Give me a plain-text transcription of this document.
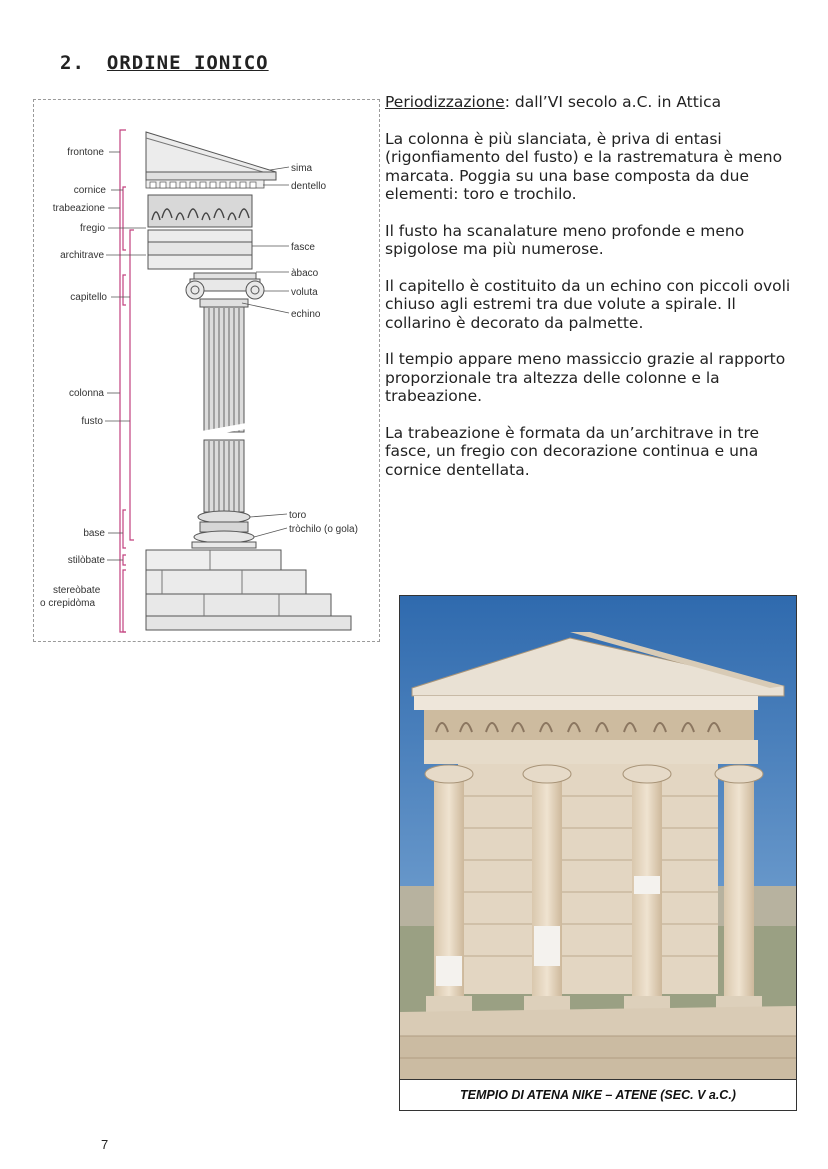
2. ORDINE IONICO
frontone
cornice
trabeazione
fregio
architrave
capitello
colonna
fusto
base
stilòbate
stereòbate
o crepidòma
sima
dentello
fasce
àbaco
voluta
echino
toro
tròchilo (o gola)

Periodizzazione: dall’VI secolo a.C. in Attica

La colonna è più slanciata, è priva di entasi (rigonfiamento del fusto) e la rastrematura è meno marcata. Poggia su una base composta da due elementi: toro e trochilo.

Il fusto ha scanalature meno profonde e meno spigolose ma più numerose.

Il capitello è costituito da un echino con piccoli ovoli chiuso agli estremi tra due volute a spirale. Il collarino è decorato da palmette.

Il tempio appare meno massiccio grazie al rapporto proporzionale tra altezza delle colonne e la trabeazione.

La trabeazione è formata da un’architrave in tre fasce, un fregio con decorazione continua e una cornice dentellata.

TEMPIO DI ATENA NIKE – ATENE (SEC. V a.C.)
7
